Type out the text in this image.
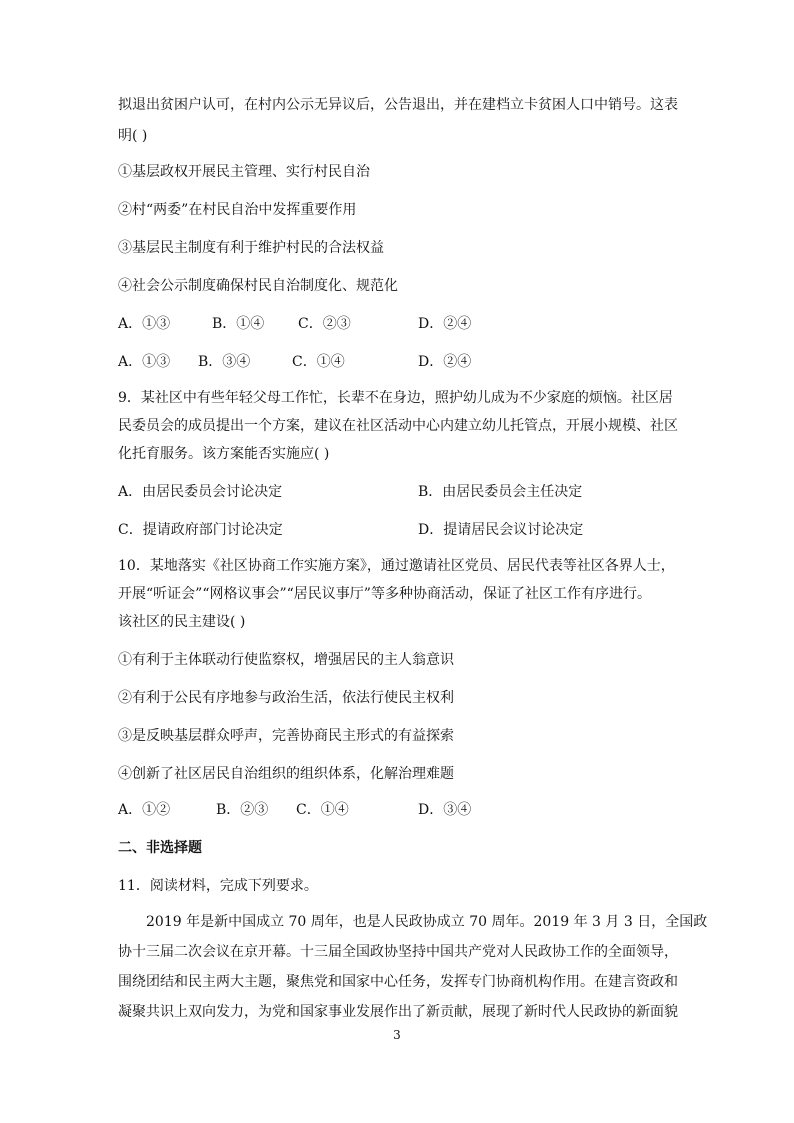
拟退出贫困户认可，在村内公示无异议后，公告退出，并在建档立卡贫困人口中销号。这表
明( )
①基层政权开展民主管理、实行村民自治
②村“两委”在村民自治中发挥重要作用
③基层民主制度有利于维护村民的合法权益
④社会公示制度确保村民自治制度化、规范化
A．①③	B．①④ C．②③	D．②④
A．①③ B．③④	C．①④	D．②④
9．某社区中有些年轻父母工作忙，长辈不在身边，照护幼儿成为不少家庭的烦恼。社区居
民委员会的成员提出一个方案，建议在社区活动中心内建立幼儿托管点，开展小规模、社区
化托育服务。该方案能否实施应( )
A．由居民委员会讨论决定	B．由居民委员会主任决定
C．提请政府部门讨论决定	D．提请居民会议讨论决定
10．某地落实《社区协商工作实施方案》，通过邀请社区党员、居民代表等社区各界人士，
开展“听证会”“网格议事会”“居民议事厅”等多种协商活动，保证了社区工作有序进行。
该社区的民主建设( )
①有利于主体联动行使监察权，增强居民的主人翁意识
②有利于公民有序地参与政治生活，依法行使民主权利
③是反映基层群众呼声，完善协商民主形式的有益探索
④创新了社区居民自治组织的组织体系，化解治理难题
A．①②	B．②③ C．①④	D．③④
二、非选择题
11．阅读材料，完成下列要求。
2019 年是新中国成立 70 周年，也是人民政协成立 70 周年。2019 年 3 月 3 日，全国政
协十三届二次会议在京开幕。十三届全国政协坚持中国共产党对人民政协工作的全面领导，
围绕团结和民主两大主题，聚焦党和国家中心任务，发挥专门协商机构作用。在建言资政和
凝聚共识上双向发力，为党和国家事业发展作出了新贡献，展现了新时代人民政协的新面貌
3
